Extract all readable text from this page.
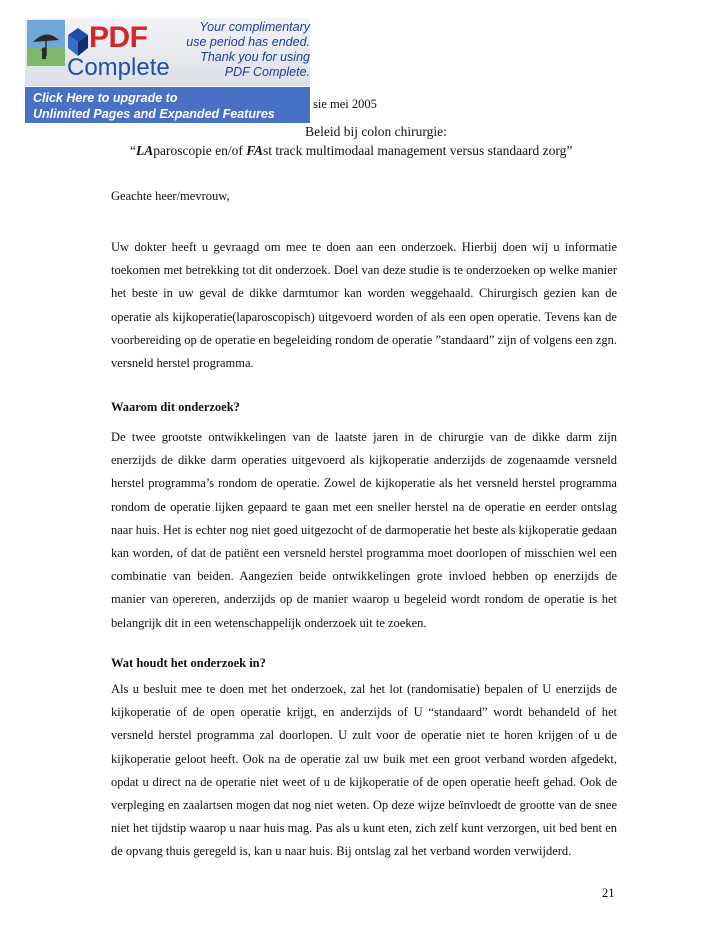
PDF
Complete
Your complimentary
use period has ended.
Thank you for using
PDF Complete.
Click Here to upgrade to
Unlimited Pages and Expanded Features
sie mei 2005
Beleid bij colon chirurgie:
“LAparoscopie en/of FAst track multimodaal management versus standaard zorg”

Geachte heer/mevrouw,

Uw dokter heeft u gevraagd om mee te doen aan een onderzoek. Hierbij doen wij u informatie toekomen met betrekking tot dit onderzoek. Doel van deze studie is te onderzoeken op welke manier het beste in uw geval de dikke darmtumor kan worden weggehaald. Chirurgisch gezien kan de operatie als kijkoperatie(laparoscopisch) uitgevoerd worden of als een open operatie. Tevens kan de voorbereiding op de operatie en begeleiding rondom de operatie ”standaard” zijn of volgens een zgn. versneld herstel programma.

Waarom dit onderzoek?

De twee grootste ontwikkelingen van de laatste jaren in de chirurgie van de dikke darm zijn enerzijds de dikke darm operaties uitgevoerd als kijkoperatie anderzijds de zogenaamde versneld herstel programma’s rondom de operatie. Zowel de kijkoperatie als het versneld herstel programma rondom de operatie lijken gepaard te gaan met een sneller herstel na de operatie en eerder ontslag naar huis. Het is echter nog niet goed uitgezocht of de darmoperatie het beste als kijkoperatie gedaan kan worden, of dat de patiënt een versneld herstel programma moet doorlopen of misschien wel een combinatie van beiden. Aangezien beide ontwikkelingen grote invloed hebben op enerzijds de manier van opereren, anderzijds op de manier waarop u begeleid wordt rondom de operatie is het belangrijk dit in een wetenschappelijk onderzoek uit te zoeken.

Wat houdt het onderzoek in?

Als u besluit mee te doen met het onderzoek, zal het lot (randomisatie) bepalen of U enerzijds de kijkoperatie of de open operatie krijgt, en anderzijds of U “standaard” wordt behandeld of het versneld herstel programma zal doorlopen. U zult voor de operatie niet te horen krijgen of u de kijkoperatie geloot heeft. Ook na de operatie zal uw buik met een groot verband worden afgedekt, opdat u direct na de operatie niet weet of u de kijkoperatie of de open operatie heeft gehad. Ook de verpleging en zaalartsen mogen dat nog niet weten. Op deze wijze beïnvloedt de grootte van de snee niet het tijdstip waarop u naar huis mag. Pas als u kunt eten, zich zelf kunt verzorgen, uit bed bent en de opvang thuis geregeld is, kan u naar huis. Bij ontslag zal het verband worden verwijderd.

21
